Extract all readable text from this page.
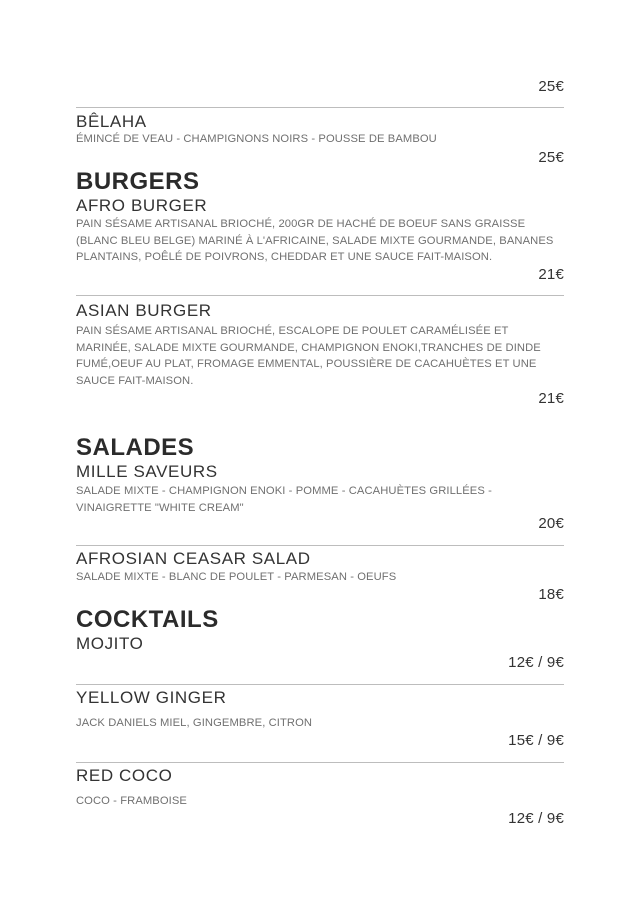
25€
BÊLAHA
ÉMINCÉ DE VEAU - CHAMPIGNONS NOIRS - POUSSE DE BAMBOU
25€
BURGERS
AFRO BURGER
PAIN SÉSAME ARTISANAL BRIOCHÉ, 200GR DE HACHÉ DE BOEUF SANS GRAISSE (BLANC BLEU BELGE) MARINÉ À L'AFRICAINE, SALADE MIXTE GOURMANDE, BANANES PLANTAINS, POÊLÉ DE POIVRONS, CHEDDAR ET UNE SAUCE FAIT-MAISON.
21€
ASIAN BURGER
PAIN SÉSAME ARTISANAL BRIOCHÉ, ESCALOPE DE POULET CARAMÉLISÉE ET MARINÉE, SALADE MIXTE GOURMANDE, CHAMPIGNON ENOKI,TRANCHES DE DINDE FUMÉ,OEUF AU PLAT, FROMAGE EMMENTAL, POUSSIÈRE DE CACAHUÈTES ET UNE SAUCE FAIT-MAISON.
21€
SALADES
MILLE SAVEURS
SALADE MIXTE - CHAMPIGNON ENOKI - POMME - CACAHUÈTES GRILLÉES - VINAIGRETTE "WHITE CREAM"
20€
AFROSIAN CEASAR SALAD
SALADE MIXTE - BLANC DE POULET - PARMESAN - OEUFS
18€
COCKTAILS
MOJITO
12€ / 9€
YELLOW GINGER
JACK DANIELS MIEL, GINGEMBRE, CITRON
15€ / 9€
RED COCO
COCO - FRAMBOISE
12€ / 9€
